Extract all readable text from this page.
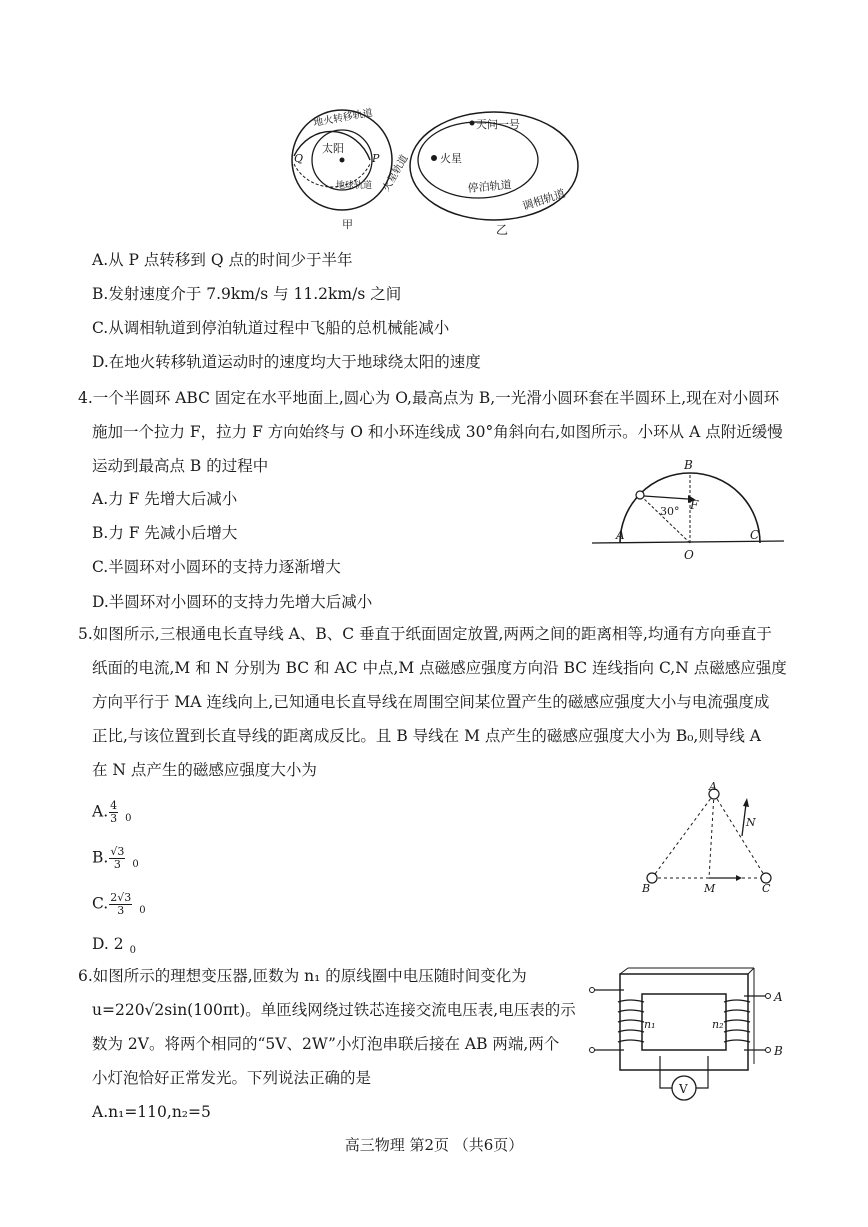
太阳
Q	P
地火转移轨道
地球轨道 火星轨道
甲
火星
天问一号
停泊轨道
调相轨道
乙
A.从 P 点转移到 Q 点的时间少于半年
B.发射速度介于 7.9km/s 与 11.2km/s 之间
C.从调相轨道到停泊轨道过程中飞船的总机械能减小
D.在地火转移轨道运动时的速度均大于地球绕太阳的速度
4.一个半圆环 ABC 固定在水平地面上,圆心为 O,最高点为 B,一光滑小圆环套在半圆环上,现在对小圆环
施加一个拉力 F，拉力 F 方向始终与 O 和小环连线成 30°角斜向右,如图所示。小环从 A 点附近缓慢
运动到最高点 B 的过程中
A.力 F 先增大后减小
B.力 F 先减小后增大
C.半圆环对小圆环的支持力逐渐增大
D.半圆环对小圆环的支持力先增大后减小
A
B
C
O
F
30°
5.如图所示,三根通电长直导线 A、B、C 垂直于纸面固定放置,两两之间的距离相等,均通有方向垂直于
纸面的电流,M 和 N 分别为 BC 和 AC 中点,M 点磁感应强度方向沿 BC 连线指向 C,N 点磁感应强度
方向平行于 MA 连线向上,已知通电长直导线在周围空间某位置产生的磁感应强度大小与电流强度成
正比,与该位置到长直导线的距离成反比。且 B 导线在 M 点产生的磁感应强度大小为 B₀,则导线 A
在 N 点产生的磁感应强度大小为
A. $\frac{4}{3} _0$
B. $\frac{√3}{3} _0$
C. $\frac{2√3}{3} _0$
D. 2 $_0$
A
B	C
M
N
6.如图所示的理想变压器,匝数为 n₁ 的原线圈中电压随时间变化为
u=220√2sin(100πt)。单匝线网绕过铁芯连接交流电压表,电压表的示
数为 2V。将两个相同的“5V、2W”小灯泡串联后接在 AB 两端,两个
小灯泡恰好正常发光。下列说法正确的是
A.n₁=110,n₂=5
V
n₁	n₂
A
B
高三物理 第2页 （共6页）
